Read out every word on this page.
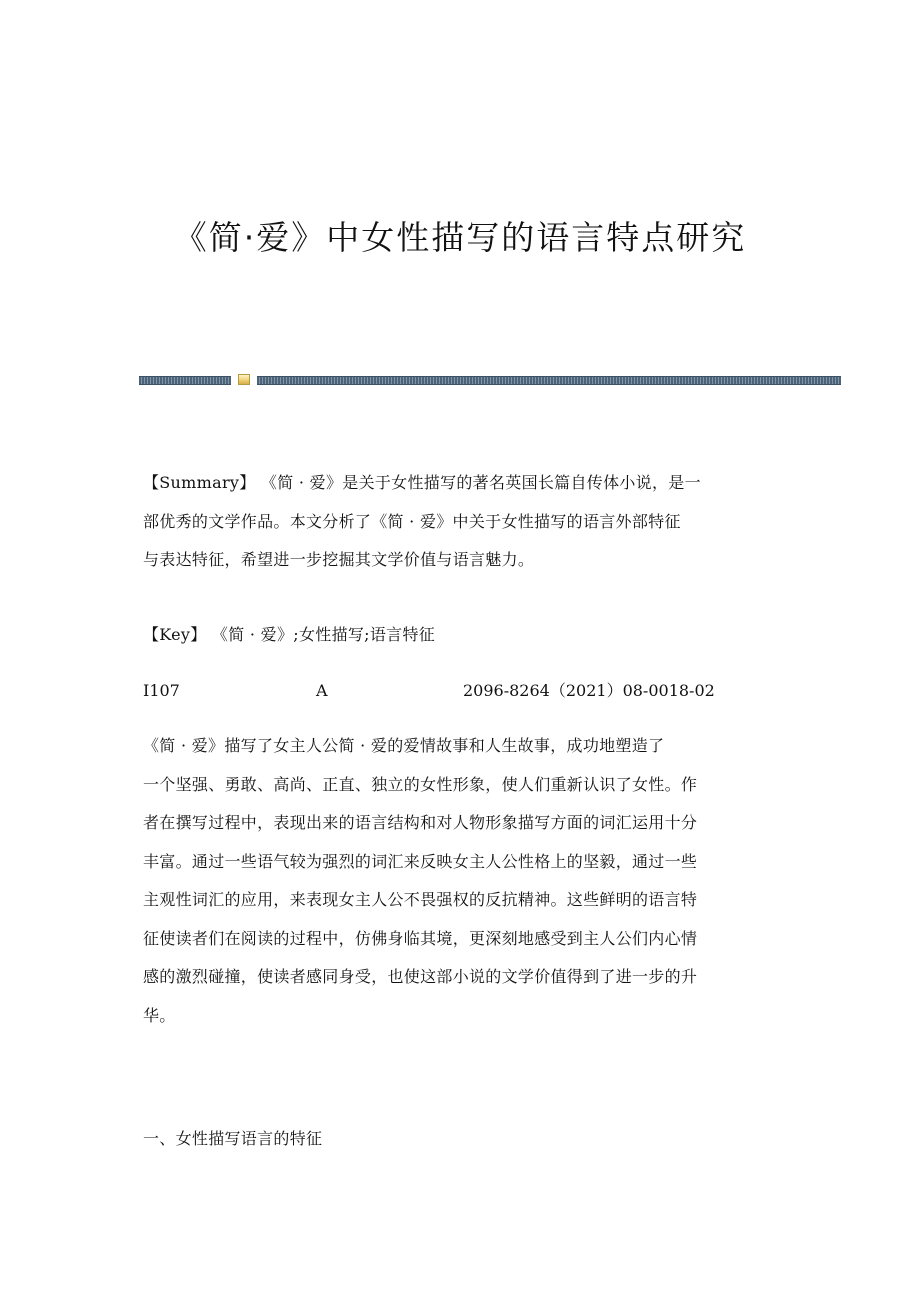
《简·爱》中女性描写的语言特点研究
【Summary】 《简 · 爱》是关于女性描写的著名英国长篇自传体小说，是一
部优秀的文学作品。本文分析了《简 · 爱》中关于女性描写的语言外部特征
与表达特征，希望进一步挖掘其文学价值与语言魅力。
【Key】 《简 · 爱》;女性描写;语言特征
I107	A	2096-8264（2021）08-0018-02
《简 · 爱》描写了女主人公简 · 爱的爱情故事和人生故事，成功地塑造了
一个坚强、勇敢、高尚、正直、独立的女性形象，使人们重新认识了女性。作
者在撰写过程中，表现出来的语言结构和对人物形象描写方面的词汇运用十分
丰富。通过一些语气较为强烈的词汇来反映女主人公性格上的坚毅，通过一些
主观性词汇的应用，来表现女主人公不畏强权的反抗精神。这些鲜明的语言特
征使读者们在阅读的过程中，仿佛身临其境，更深刻地感受到主人公们内心情
感的激烈碰撞，使读者感同身受，也使这部小说的文学价值得到了进一步的升
华。
一、女性描写语言的特征
